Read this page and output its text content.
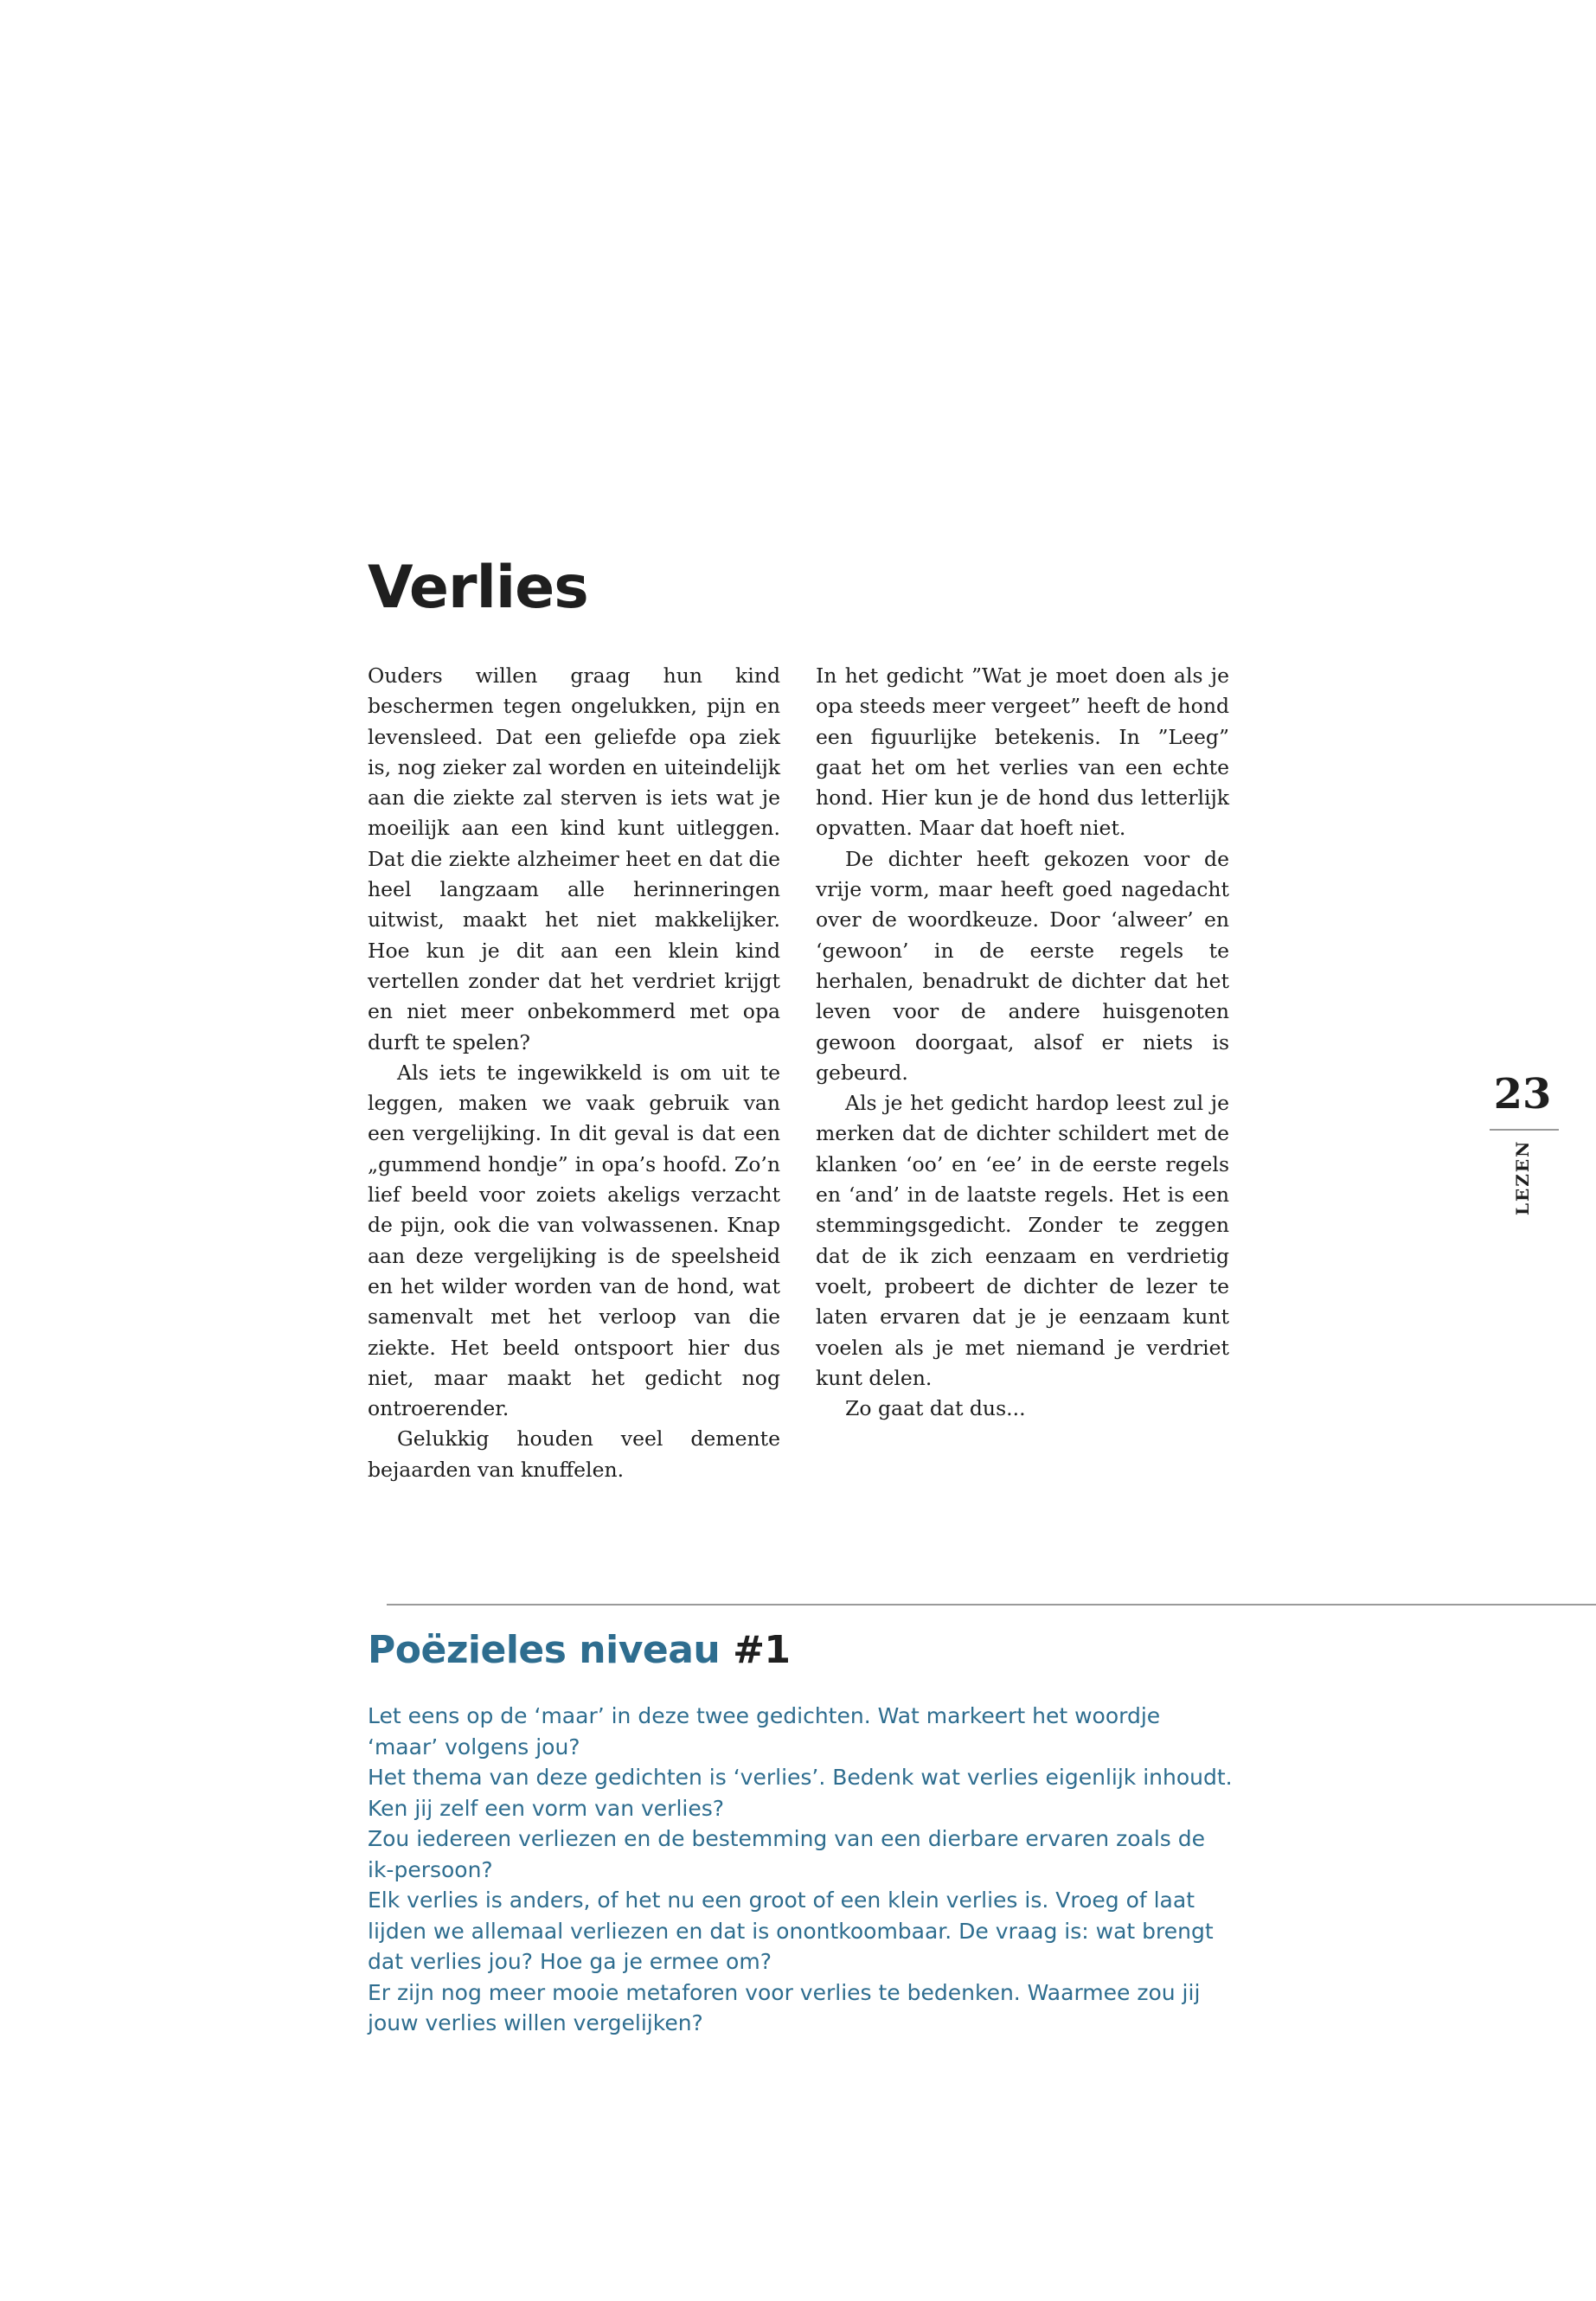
Verlies

Ouders willen graag hun kind beschermen tegen ongelukken, pijn en levensleed. Dat een geliefde opa ziek is, nog zieker zal worden en uiteindelijk aan die ziekte zal sterven is iets wat je moeilijk aan een kind kunt uitleggen. Dat die ziekte alzheimer heet en dat die heel langzaam alle herinneringen uitwist, maakt het niet makkelijker. Hoe kun je dit aan een klein kind vertellen zonder dat het verdriet krijgt en niet meer onbekommerd met opa durft te spelen?

Als iets te ingewikkeld is om uit te leggen, maken we vaak gebruik van een vergelijking. In dit geval is dat een „gummend hondje” in opa’s hoofd. Zo’n lief beeld voor zoiets akeligs verzacht de pijn, ook die van volwassenen. Knap aan deze vergelijking is de speelsheid en het wilder worden van de hond, wat samenvalt met het verloop van die ziekte. Het beeld ontspoort hier dus niet, maar maakt het gedicht nog ontroerender.

Gelukkig houden veel demente bejaarden van knuffelen.

In het gedicht ”Wat je moet doen als je opa steeds meer vergeet” heeft de hond een figuurlijke betekenis. In ”Leeg” gaat het om het verlies van een echte hond. Hier kun je de hond dus letterlijk opvatten. Maar dat hoeft niet.

De dichter heeft gekozen voor de vrije vorm, maar heeft goed nagedacht over de woordkeuze. Door ‘alweer’ en ‘gewoon’ in de eerste regels te herhalen, benadrukt de dichter dat het leven voor de andere huisgenoten gewoon doorgaat, alsof er niets is gebeurd.

Als je het gedicht hardop leest zul je merken dat de dichter schildert met de klanken ‘oo’ en ‘ee’ in de eerste regels en ‘and’ in de laatste regels. Het is een stemmingsgedicht. Zonder te zeggen dat de ik zich eenzaam en verdrietig voelt, probeert de dichter de lezer te laten ervaren dat je je eenzaam kunt voelen als je met niemand je verdriet kunt delen.

Zo gaat dat dus...

23
LEZEN
Poëzieles niveau #1
Let eens op de ‘maar’ in deze twee gedichten. Wat markeert het woordje ‘maar’ volgens jou?
Het thema van deze gedichten is ‘verlies’. Bedenk wat verlies eigenlijk inhoudt. Ken jij zelf een vorm van verlies?
Zou iedereen verliezen en de bestemming van een dierbare ervaren zoals de ik-persoon?
Elk verlies is anders, of het nu een groot of een klein verlies is. Vroeg of laat lijden we allemaal verliezen en dat is onontkoombaar. De vraag is: wat brengt dat verlies jou? Hoe ga je ermee om?
Er zijn nog meer mooie metaforen voor verlies te bedenken. Waarmee zou jij jouw verlies willen vergelijken?
